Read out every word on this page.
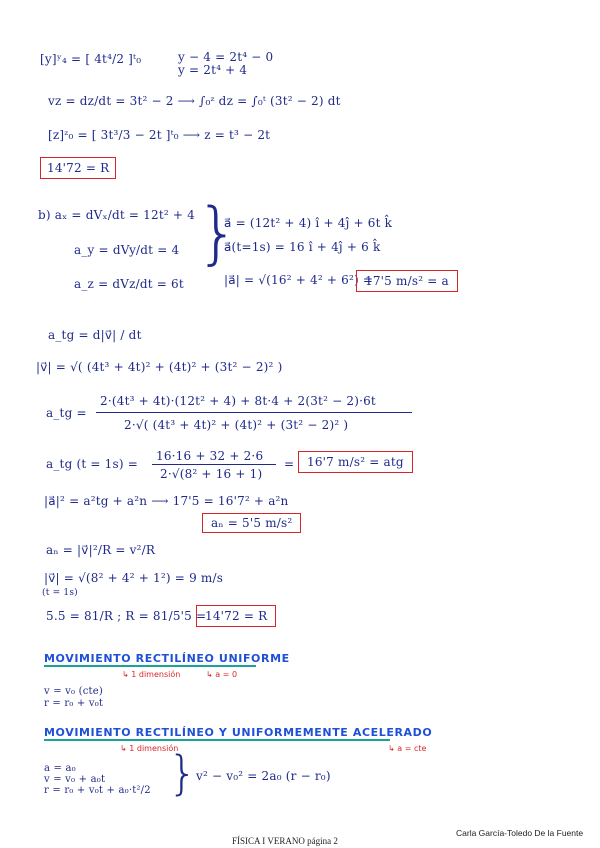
[y]ʸ₄ = [ 4t⁴/2 ]ᵗ₀	y − 4 = 2t⁴ − 0
y = 2t⁴ + 4
vz = dz/dt = 3t² − 2 ⟶ ∫₀ᶻ dz = ∫₀ᵗ (3t² − 2) dt
[z]ᶻ₀ = [ 3t³/3 − 2t ]ᵗ₀ ⟶ z = t³ − 2t
14'72 = R
b) aₓ = dVₓ/dt = 12t² + 4
a_y = dVy/dt = 4
a_z = dVz/dt = 6t
}
a⃗ = (12t² + 4) î + 4ĵ + 6t k̂
a⃗(t=1s) = 16 î + 4ĵ + 6 k̂
|a⃗| = √(16² + 4² + 6²) =
17'5 m/s² = a
a_tg = d|v⃗| / dt
|v⃗| = √( (4t³ + 4t)² + (4t)² + (3t² − 2)² )
a_tg =
2·(4t³ + 4t)·(12t² + 4) + 8t·4 + 2(3t² − 2)·6t
2·√( (4t³ + 4t)² + (4t)² + (3t² − 2)² )
a_tg (t = 1s) =
16·16 + 32 + 2·6
2·√(8² + 16 + 1)
=	16'7 m/s² = atg
|a⃗|² = a²tg + a²n ⟶ 17'5 = 16'7² + a²n
aₙ = 5'5 m/s²
aₙ = |v⃗|²/R = v²/R
|v⃗| = √(8² + 4² + 1²) = 9 m/s
(t = 1s)
5.5 = 81/R ; R = 81/5'5 =
14'72 = R
MOVIMIENTO RECTILÍNEO UNIFORME
↳ 1 dimensión	↳ a = 0
v = v₀ (cte)
r = r₀ + v₀t
MOVIMIENTO RECTILÍNEO Y UNIFORMEMENTE ACELERADO
↳ 1 dimensión	↳ a = cte
a = a₀
v = v₀ + a₀t
r = r₀ + v₀t + a₀·t²/2 }
v² − v₀² = 2a₀ (r − r₀)
FÍSICA I VERANO página 2
Carla García-Toledo De la Fuente
